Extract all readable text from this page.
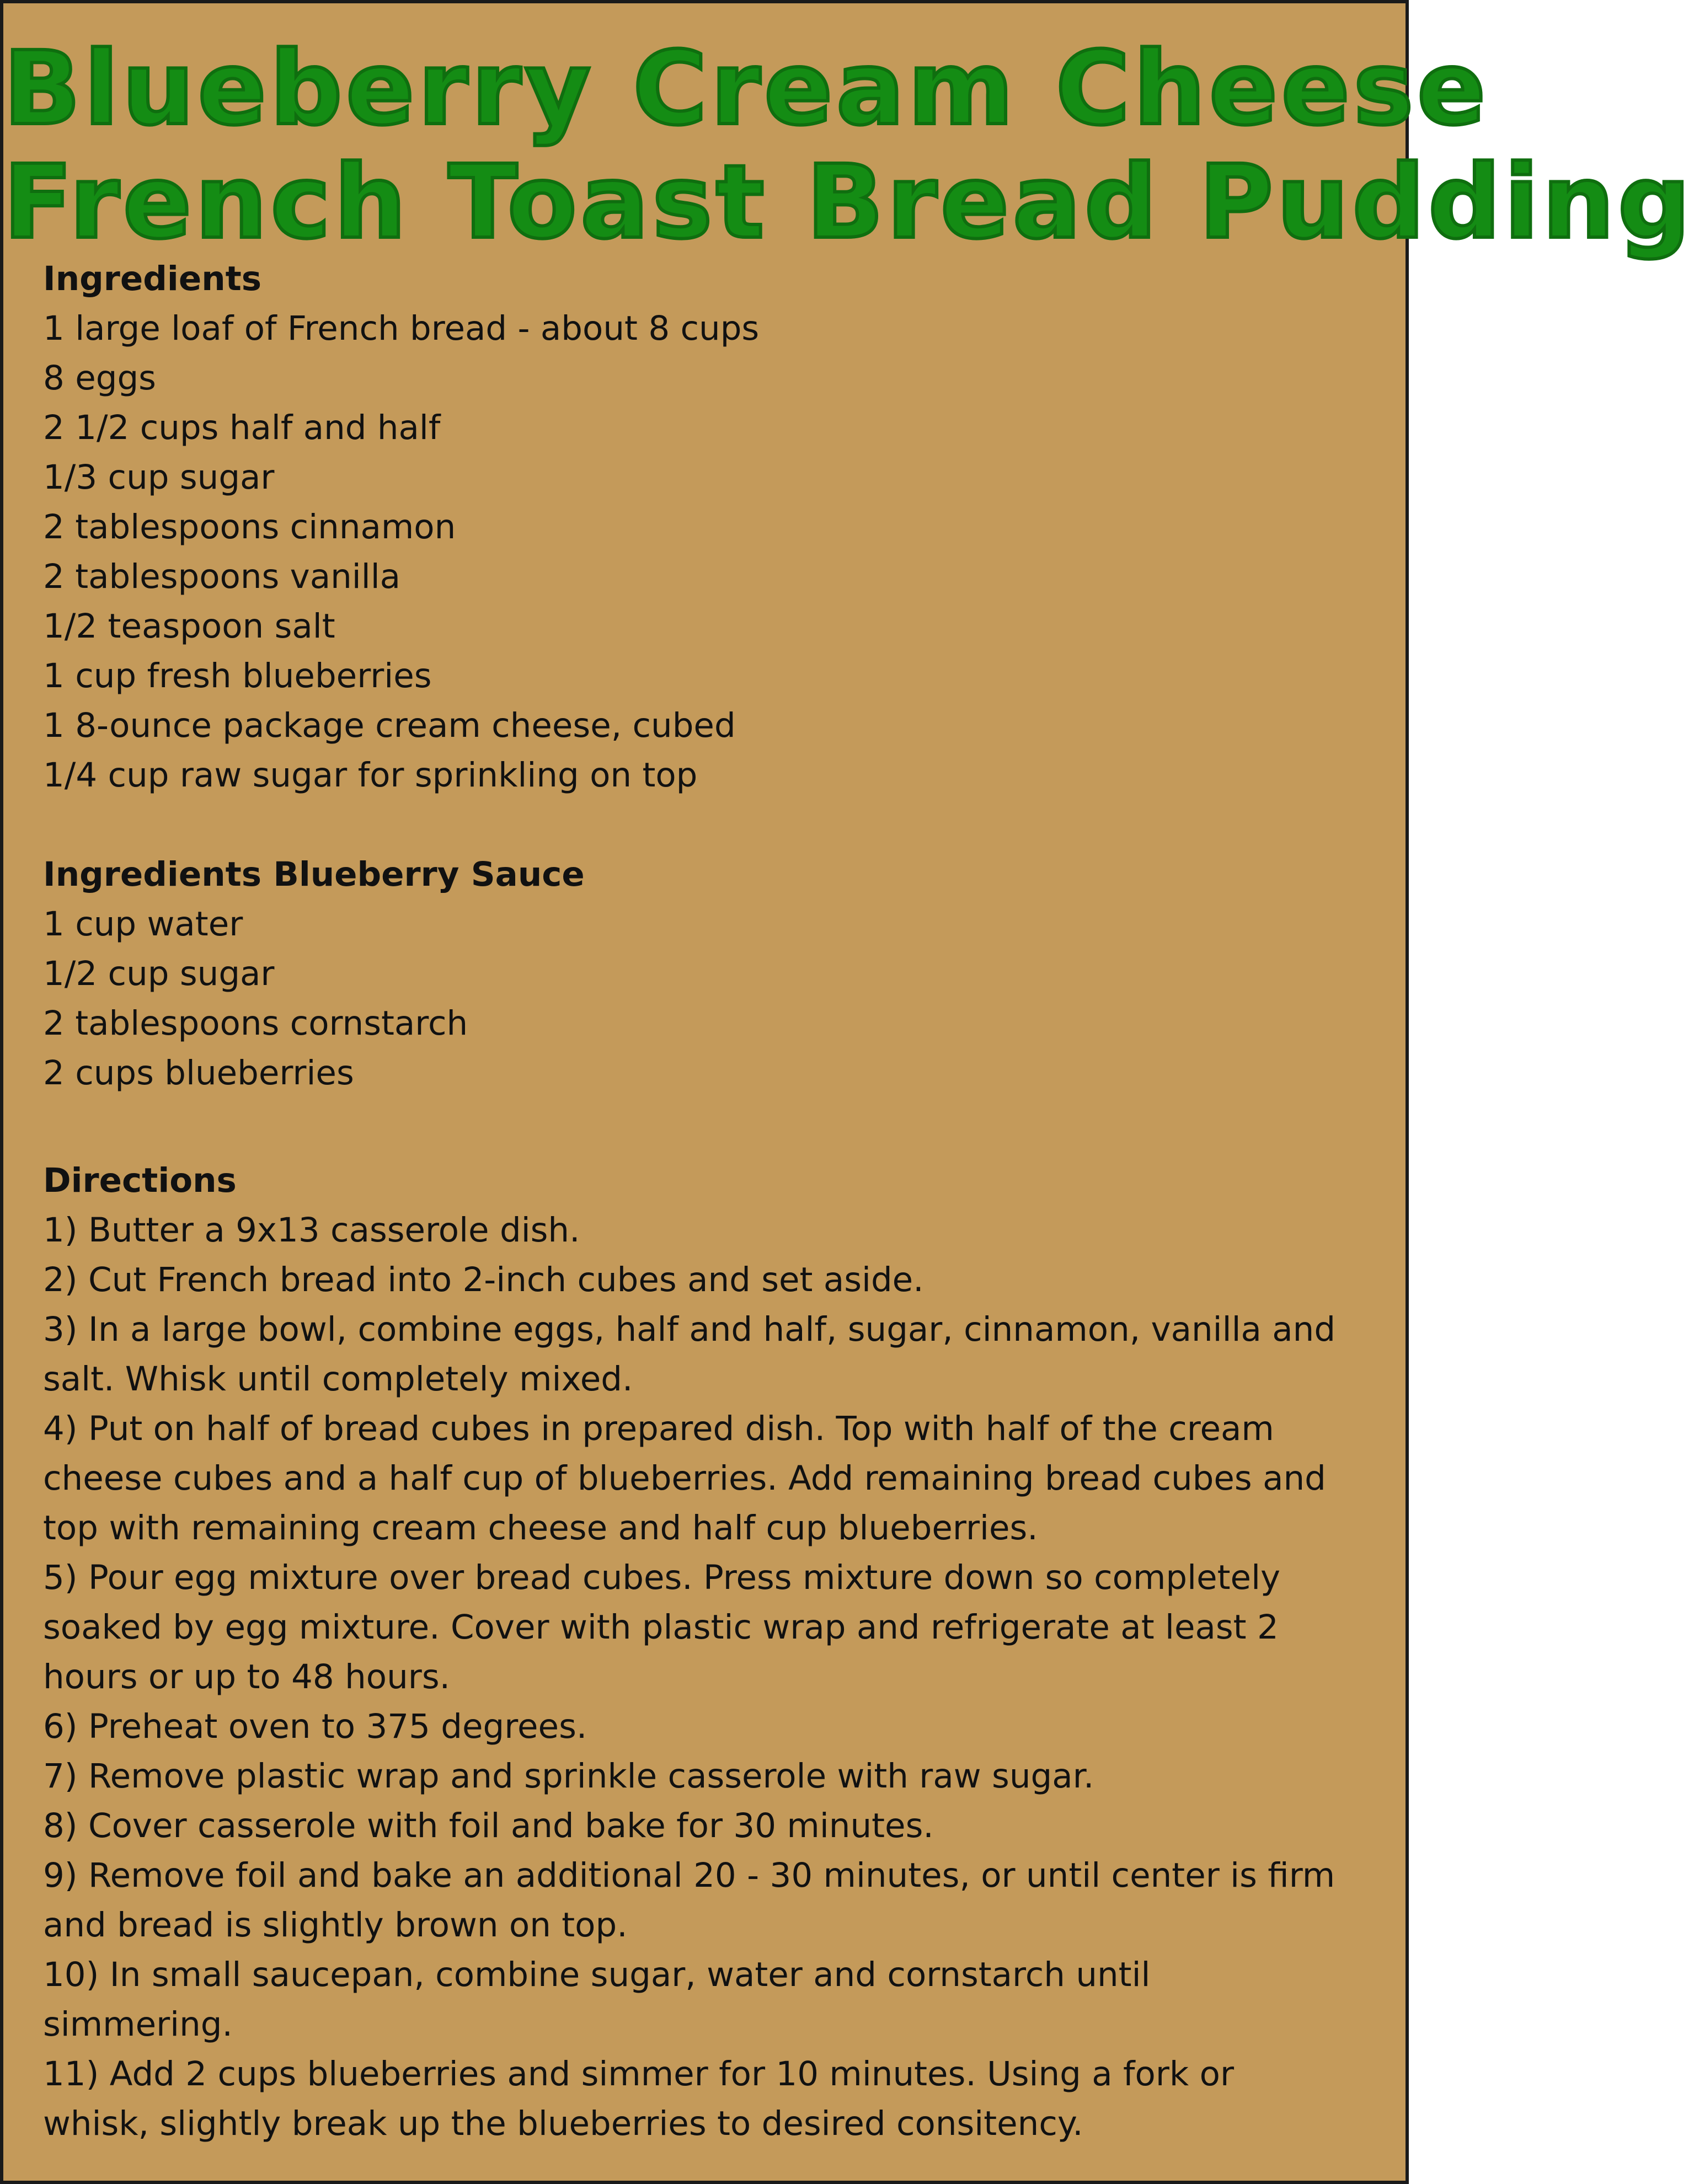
Blueberry Cream Cheese
French Toast Bread Pudding
Ingredients
1 large loaf of French bread - about 8 cups
8 eggs
2 1/2 cups half and half
1/3 cup sugar
2 tablespoons cinnamon
2 tablespoons vanilla
1/2 teaspoon salt
1 cup fresh blueberries
1 8-ounce package cream cheese, cubed
1/4 cup raw sugar for sprinkling on top
Ingredients Blueberry Sauce
1 cup water
1/2 cup sugar
2 tablespoons cornstarch
2 cups blueberries
Directions
1) Butter a 9x13 casserole dish.
2) Cut French bread into 2-inch cubes and set aside.
3) In a large bowl, combine eggs, half and half, sugar, cinnamon, vanilla and
salt. Whisk until completely mixed.
4) Put on half of bread cubes in prepared dish. Top with half of the cream
cheese cubes and a half cup of blueberries. Add remaining bread cubes and
top with remaining cream cheese and half cup blueberries.
5) Pour egg mixture over bread cubes. Press mixture down so completely
soaked by egg mixture. Cover with plastic wrap and refrigerate at least 2
hours or up to 48 hours.
6) Preheat oven to 375 degrees.
7) Remove plastic wrap and sprinkle casserole with raw sugar.
8) Cover casserole with foil and bake for 30 minutes.
9) Remove foil and bake an additional 20 - 30 minutes, or until center is firm
and bread is slightly brown on top.
10) In small saucepan, combine sugar, water and cornstarch until
simmering.
11) Add 2 cups blueberries and simmer for 10 minutes. Using a fork or
whisk, slightly break up the blueberries to desired consitency.
